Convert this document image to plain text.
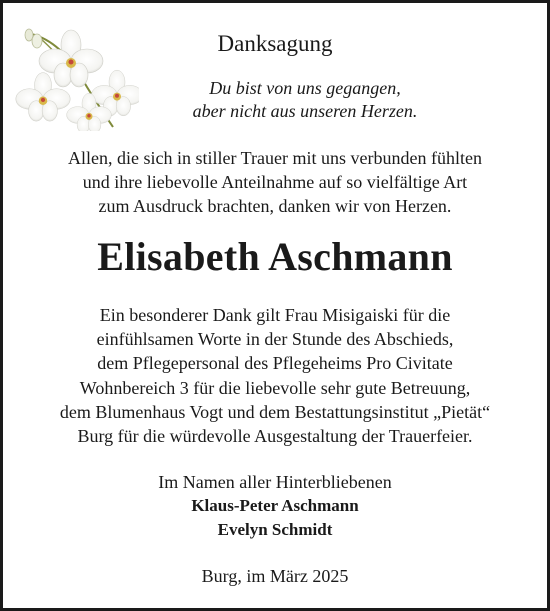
Danksagung
Du bist von uns gegangen,
aber nicht aus unseren Herzen.
Allen, die sich in stiller Trauer mit uns verbunden fühlten
und ihre liebevolle Anteilnahme auf so vielfältige Art
zum Ausdruck brachten, danken wir von Herzen.
Elisabeth Aschmann
Ein besonderer Dank gilt Frau Misigaiski für die
einfühlsamen Worte in der Stunde des Abschieds,
dem Pflegepersonal des Pflegeheims Pro Civitate
Wohnbereich 3 für die liebevolle sehr gute Betreuung,
dem Blumenhaus Vogt und dem Bestattungsinstitut „Pietät“
Burg für die würdevolle Ausgestaltung der Trauerfeier.
Im Namen aller Hinterbliebenen
Klaus-Peter Aschmann
Evelyn Schmidt
Burg, im März 2025
